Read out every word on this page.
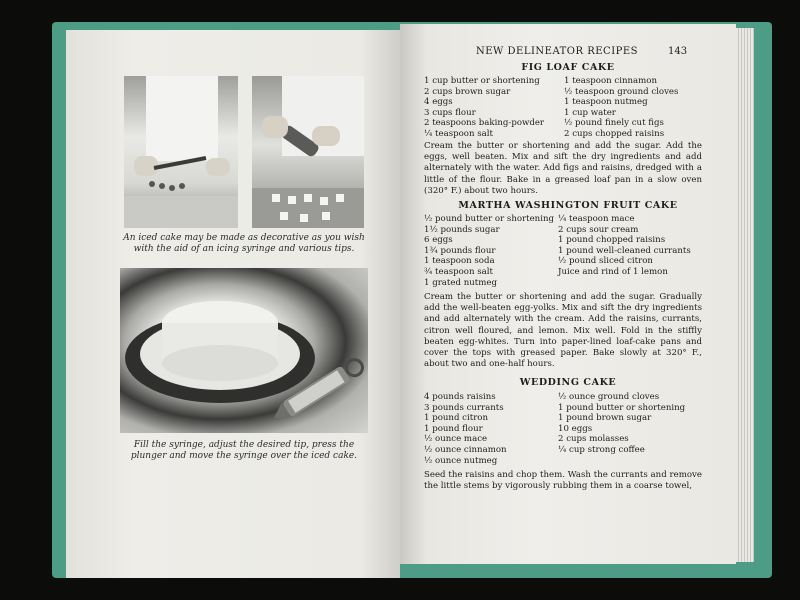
An iced cake may be made as decorative as you wish with the aid of an icing syringe and various tips.
Fill the syringe, adjust the desired tip, press the plunger and move the syringe over the iced cake.
NEW DELINEATOR RECIPES	143
FIG LOAF CAKE
1 cup butter or shortening
2 cups brown sugar
4 eggs
3 cups flour
2 teaspoons baking-powder
¼ teaspoon salt
1 teaspoon cinnamon
½ teaspoon ground cloves
1 teaspoon nutmeg
1 cup water
½ pound finely cut figs
2 cups chopped raisins
Cream the butter or shortening and add the sugar. Add the eggs, well beaten. Mix and sift the dry ingredients and add alternately with the water. Add figs and raisins, dredged with a little of the flour. Bake in a greased loaf pan in a slow oven (320° F.) about two hours.
MARTHA WASHINGTON FRUIT CAKE
½ pound butter or shortening
1½ pounds sugar
6 eggs
1¾ pounds flour
1 teaspoon soda
¾ teaspoon salt
1 grated nutmeg
¼ teaspoon mace
2 cups sour cream
1 pound chopped raisins
1 pound well-cleaned currants
½ pound sliced citron
Juice and rind of 1 lemon
Cream the butter or shortening and add the sugar. Gradually add the well-beaten egg-yolks. Mix and sift the dry ingredients and add alternately with the cream. Add the raisins, currants, citron well floured, and lemon. Mix well. Fold in the stiffly beaten egg-whites. Turn into paper-lined loaf-cake pans and cover the tops with greased paper. Bake slowly at 320° F., about two and one-half hours.
WEDDING CAKE
4 pounds raisins
3 pounds currants
1 pound citron
1 pound flour
½ ounce mace
½ ounce cinnamon
½ ounce nutmeg
½ ounce ground cloves
1 pound butter or shortening
1 pound brown sugar
10 eggs
2 cups molasses
¼ cup strong coffee
Seed the raisins and chop them. Wash the currants and remove the little stems by vigorously rubbing them in a coarse towel,
